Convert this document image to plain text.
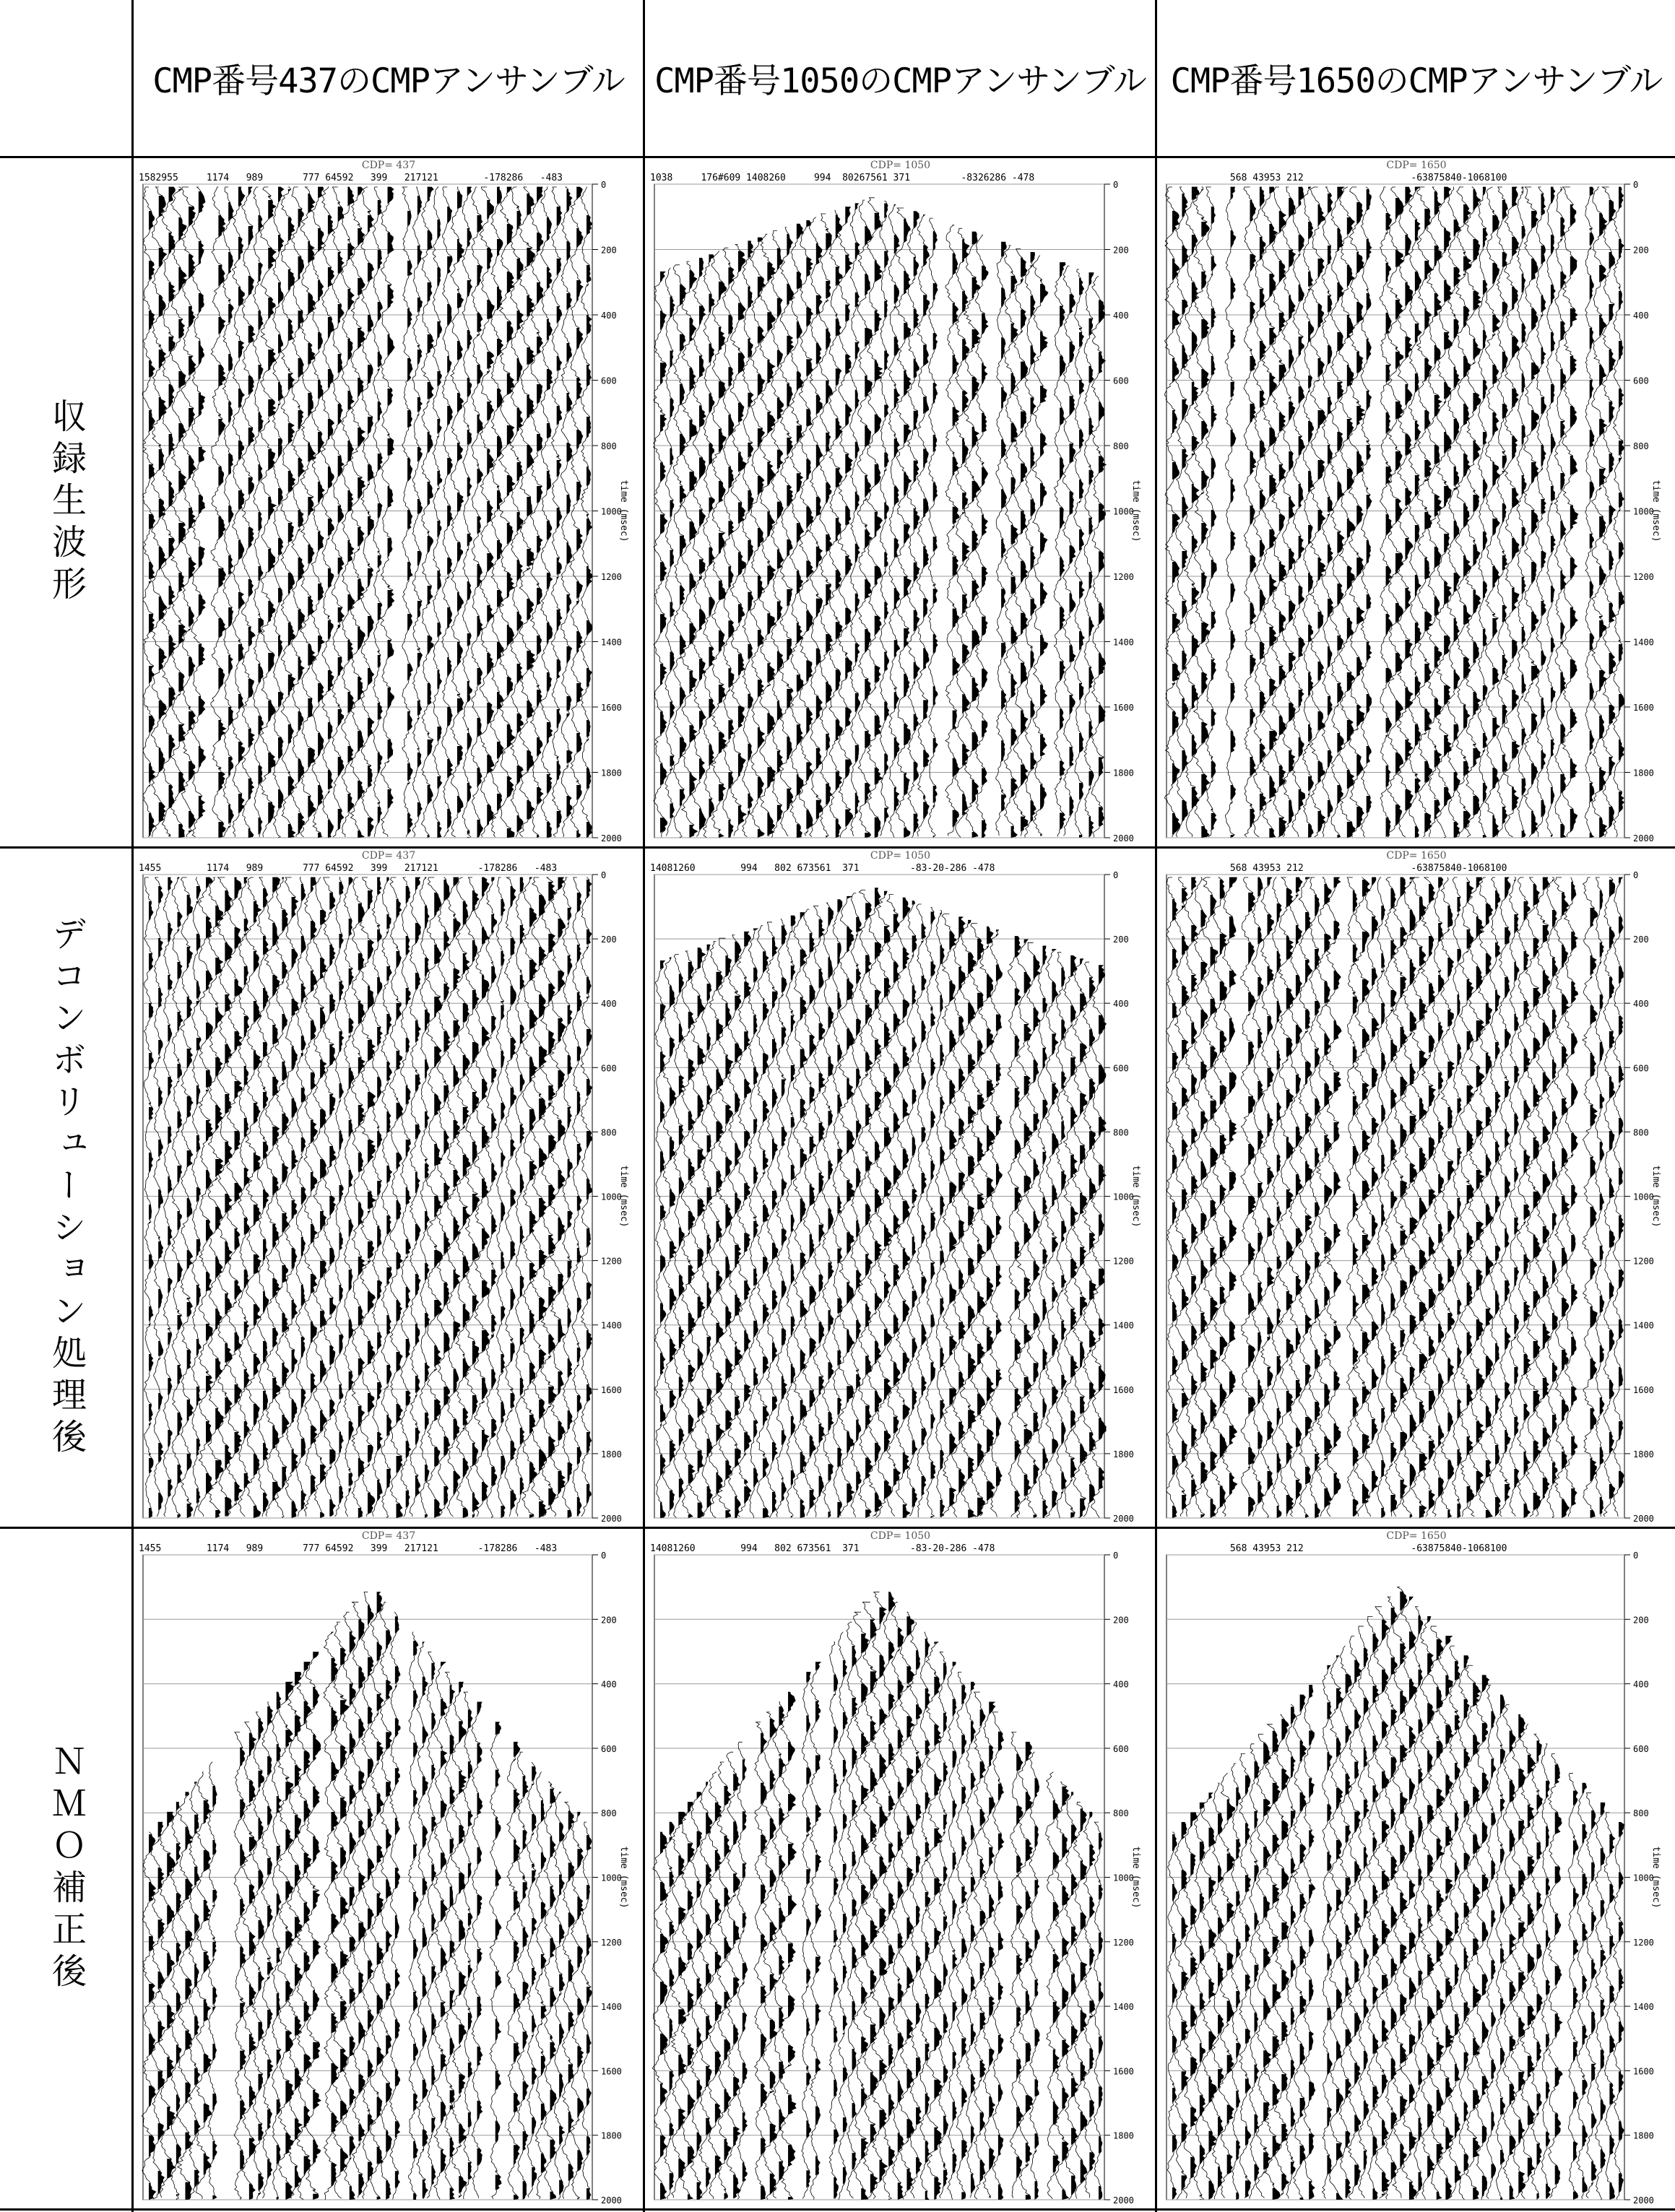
CMP番号437のCMPアンサンブル CMP番号1050のCMPアンサンブル CMP番号1650のCMPアンサンブル
収録生波形
デコンボリューション処理後
ＮＭＯ補正後
CDP= 437
1582955     1174   989       777 64592   399   217121        -178286   -483
0
200
400
600
800
1000
1200
1400
1600
1800
2000
time (msec)
CDP= 1050
1038     176#609 1408260     994  80267561 371         -8326286 -478
0
200
400
600
800
1000
1200
1400
1600
1800
2000
time (msec)
CDP= 1650
568 43953 212                   -63875840-1068100
0
200
400
600
800
1000
1200
1400
1600
1800
2000
time (msec)
CDP= 437
1455        1174   989       777 64592   399   217121       -178286   -483
0
200
400
600
800
1000
1200
1400
1600
1800
2000
time (msec)
CDP= 1050
14081260        994   802 673561  371         -83-20-286 -478
0
200
400
600
800
1000
1200
1400
1600
1800
2000
time (msec)
CDP= 1650
568 43953 212                   -63875840-1068100
0
200
400
600
800
1000
1200
1400
1600
1800
2000
time (msec)
CDP= 437
1455        1174   989       777 64592   399   217121       -178286   -483
0
200
400
600
800
1000
1200
1400
1600
1800
2000
time (msec)
CDP= 1050
14081260        994   802 673561  371         -83-20-286 -478
0
200
400
600
800
1000
1200
1400
1600
1800
2000
time (msec)
CDP= 1650
568 43953 212                   -63875840-1068100
0
200
400
600
800
1000
1200
1400
1600
1800
2000
time (msec)
